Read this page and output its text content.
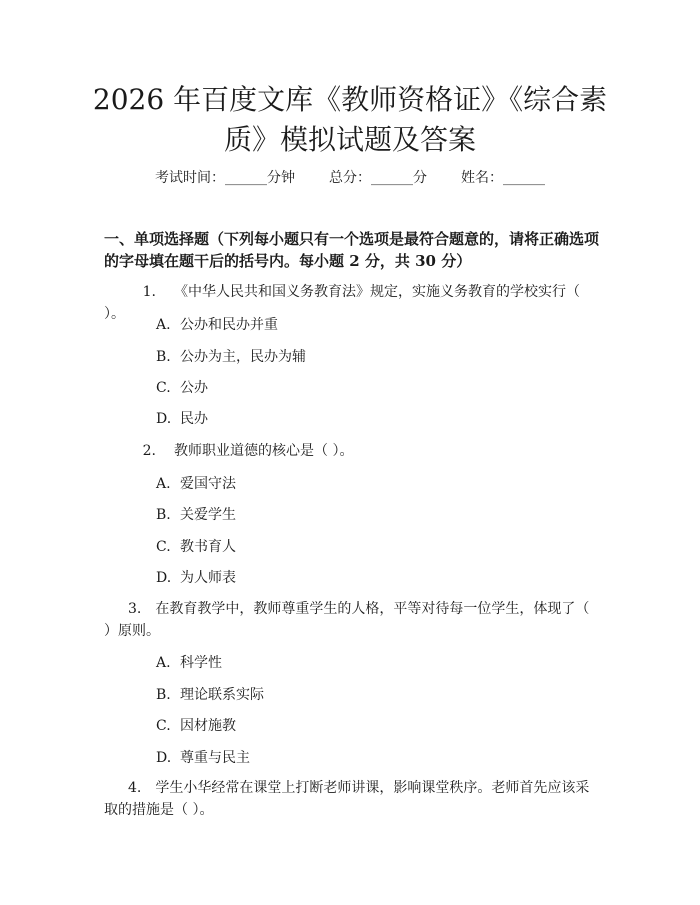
2026 年百度文库《教师资格证》《综合素
质》模拟试题及答案
考试时间：______分钟 总分：______分 姓名：______

一、单项选择题（下列每小题只有一个选项是最符合题意的，请将正确选项的字母填在题干后的括号内。每小题 2 分，共 30 分）

1. 《中华人民共和国义务教育法》规定，实施义务教育的学校实行（ ）。
A. 公办和民办并重
B. 公办为主，民办为辅
C. 公办
D. 民办
2. 教师职业道德的核心是（ ）。
A. 爱国守法
B. 关爱学生
C. 教书育人
D. 为人师表
3. 在教育教学中，教师尊重学生的人格，平等对待每一位学生，体现了（ ）原则。
A. 科学性
B. 理论联系实际
C. 因材施教
D. 尊重与民主
4. 学生小华经常在课堂上打断老师讲课，影响课堂秩序。老师首先应该采取的措施是（ ）。
